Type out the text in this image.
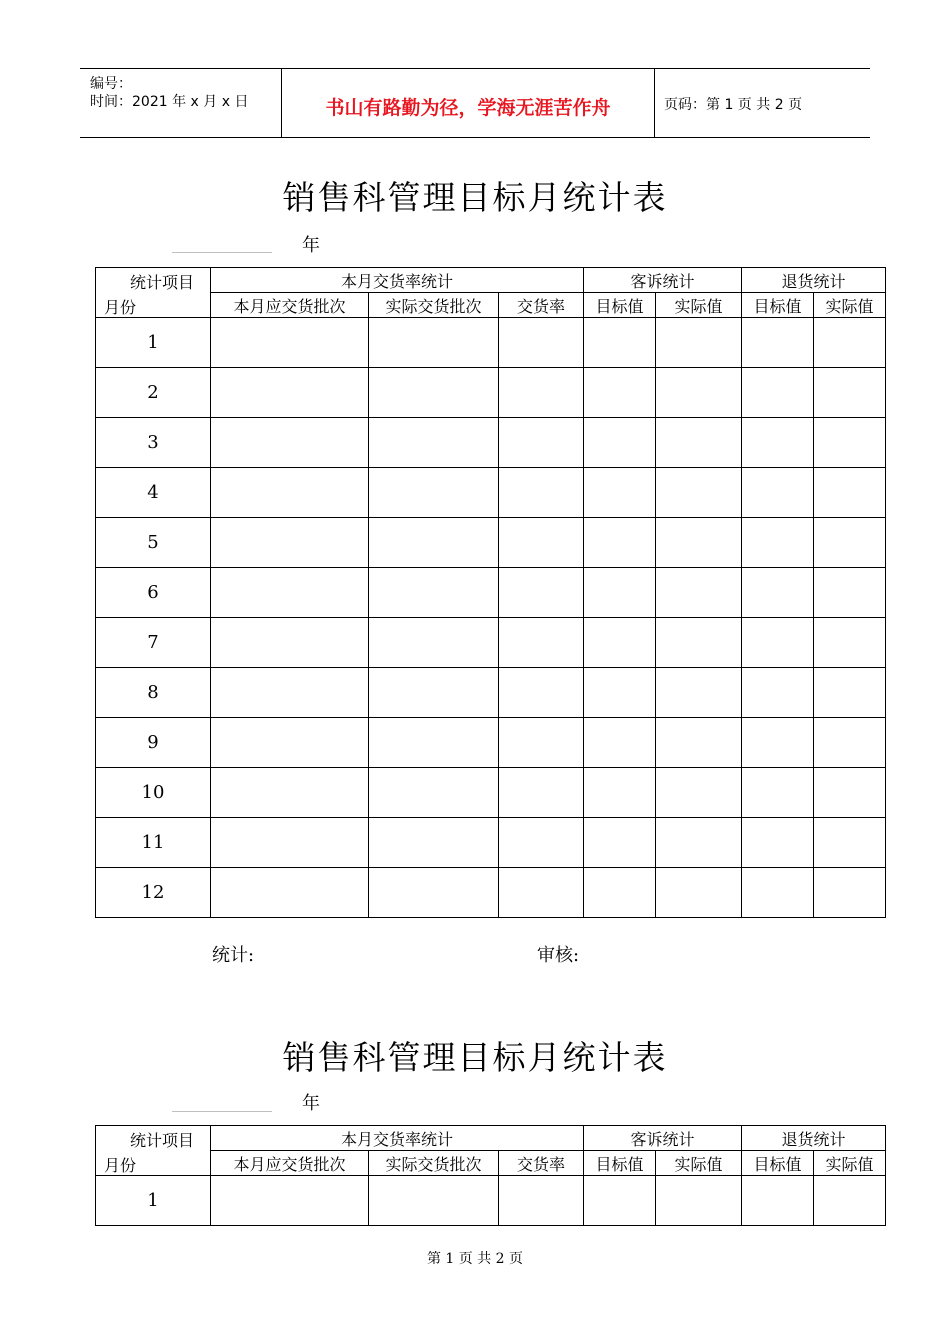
编号：
时间：2021 年 x 月 x 日	书山有路勤为径，学海无涯苦作舟	页码：第 1 页 共 2 页
销售科管理目标月统计表
年
统计项目
月份	本月交货率统计			客诉统计		退货统计	
	本月应交货批次	实际交货批次	交货率	目标值	实际值	目标值	实际值
1							
2							
3							
4							
5							
6							
7							
8							
9							
10							
11							
12							
统计:	审核:
销售科管理目标月统计表
年
统计项目
月份	本月交货率统计			客诉统计		退货统计	
	本月应交货批次	实际交货批次	交货率	目标值	实际值	目标值	实际值
1							
第 1 页 共 2 页
